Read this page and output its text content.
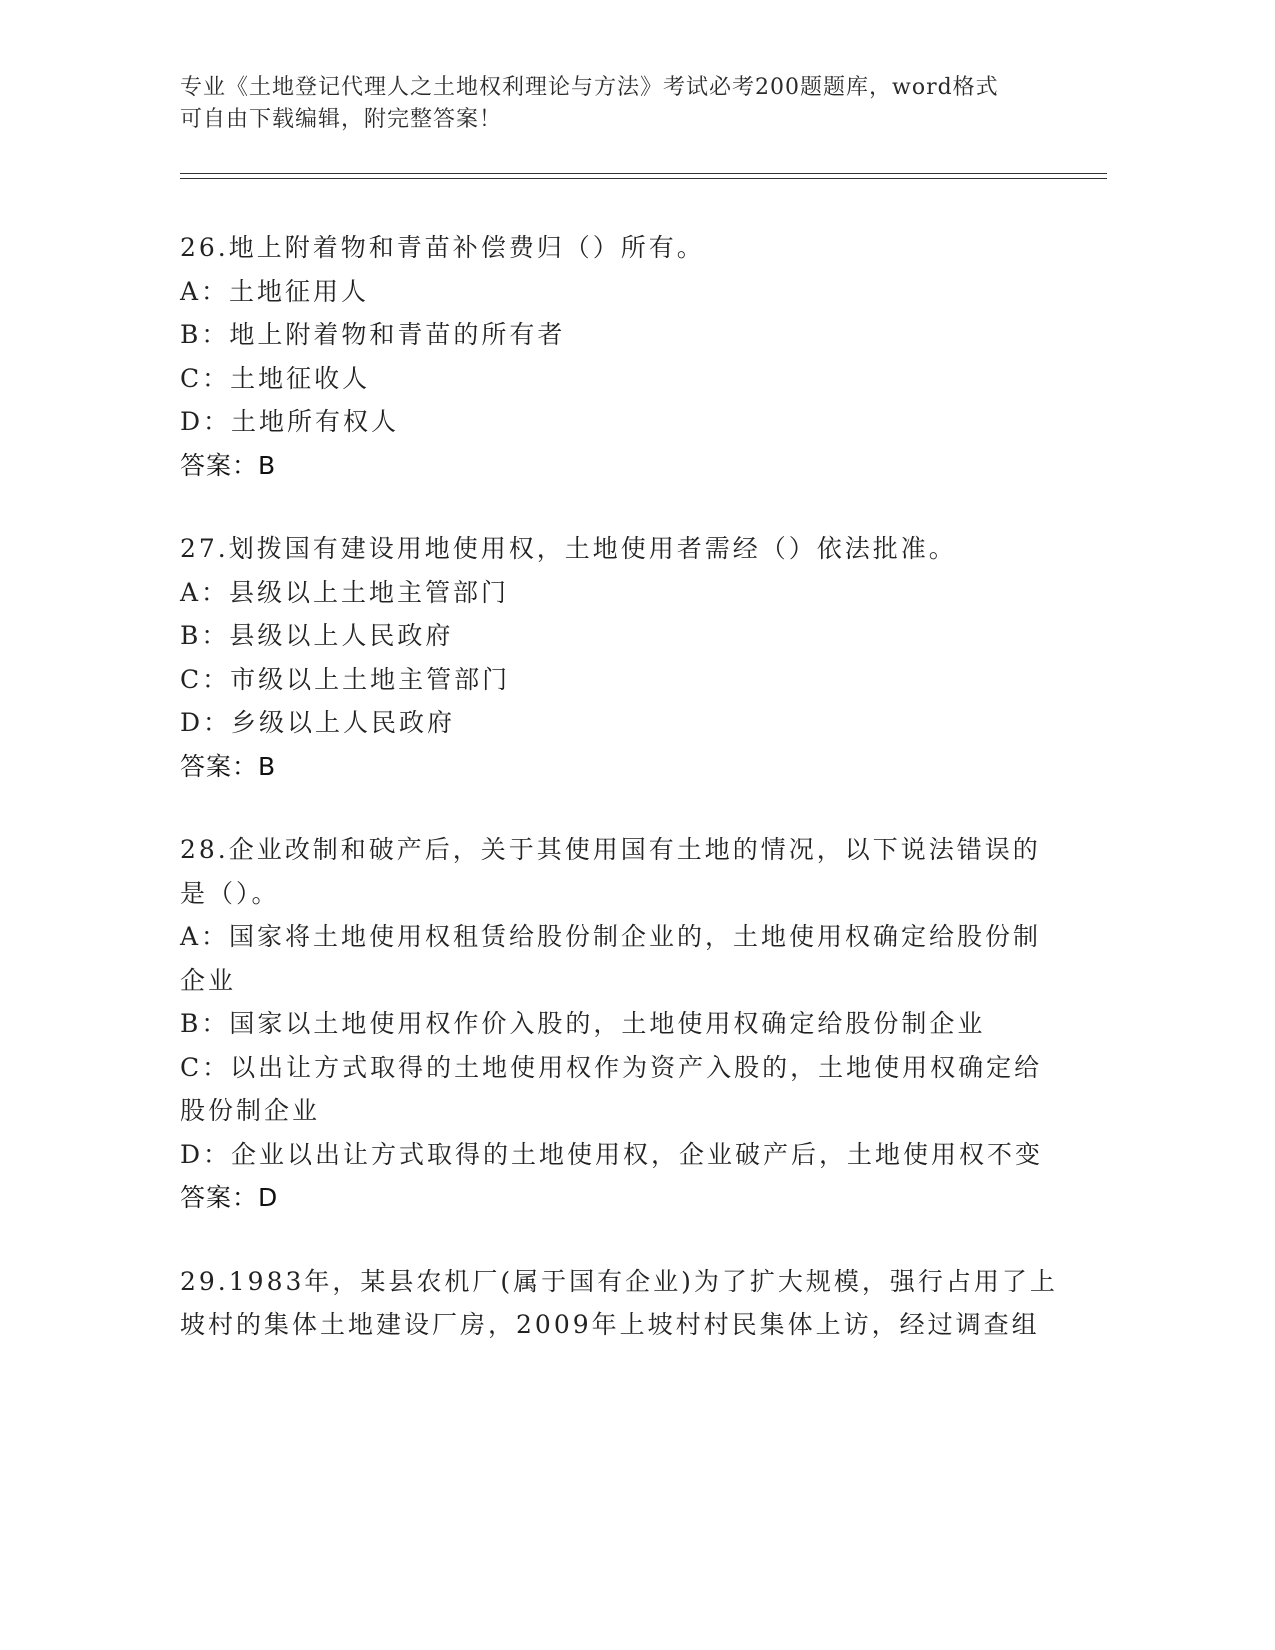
专业《土地登记代理人之土地权利理论与方法》考试必考200题题库，word格式
可自由下载编辑，附完整答案！
26.地上附着物和青苗补偿费归（）所有。
A：土地征用人
B：地上附着物和青苗的所有者
C：土地征收人
D：土地所有权人
答案：B
27.划拨国有建设用地使用权，土地使用者需经（）依法批准。
A：县级以上土地主管部门
B：县级以上人民政府
C：市级以上土地主管部门
D：乡级以上人民政府
答案：B
28.企业改制和破产后，关于其使用国有土地的情况，以下说法错误的
是（）。
A：国家将土地使用权租赁给股份制企业的，土地使用权确定给股份制
企业
B：国家以土地使用权作价入股的，土地使用权确定给股份制企业
C：以出让方式取得的土地使用权作为资产入股的，土地使用权确定给
股份制企业
D：企业以出让方式取得的土地使用权，企业破产后，土地使用权不变
答案：D
29.1983年，某县农机厂(属于国有企业)为了扩大规模，强行占用了上
坡村的集体土地建设厂房，2009年上坡村村民集体上访，经过调查组
